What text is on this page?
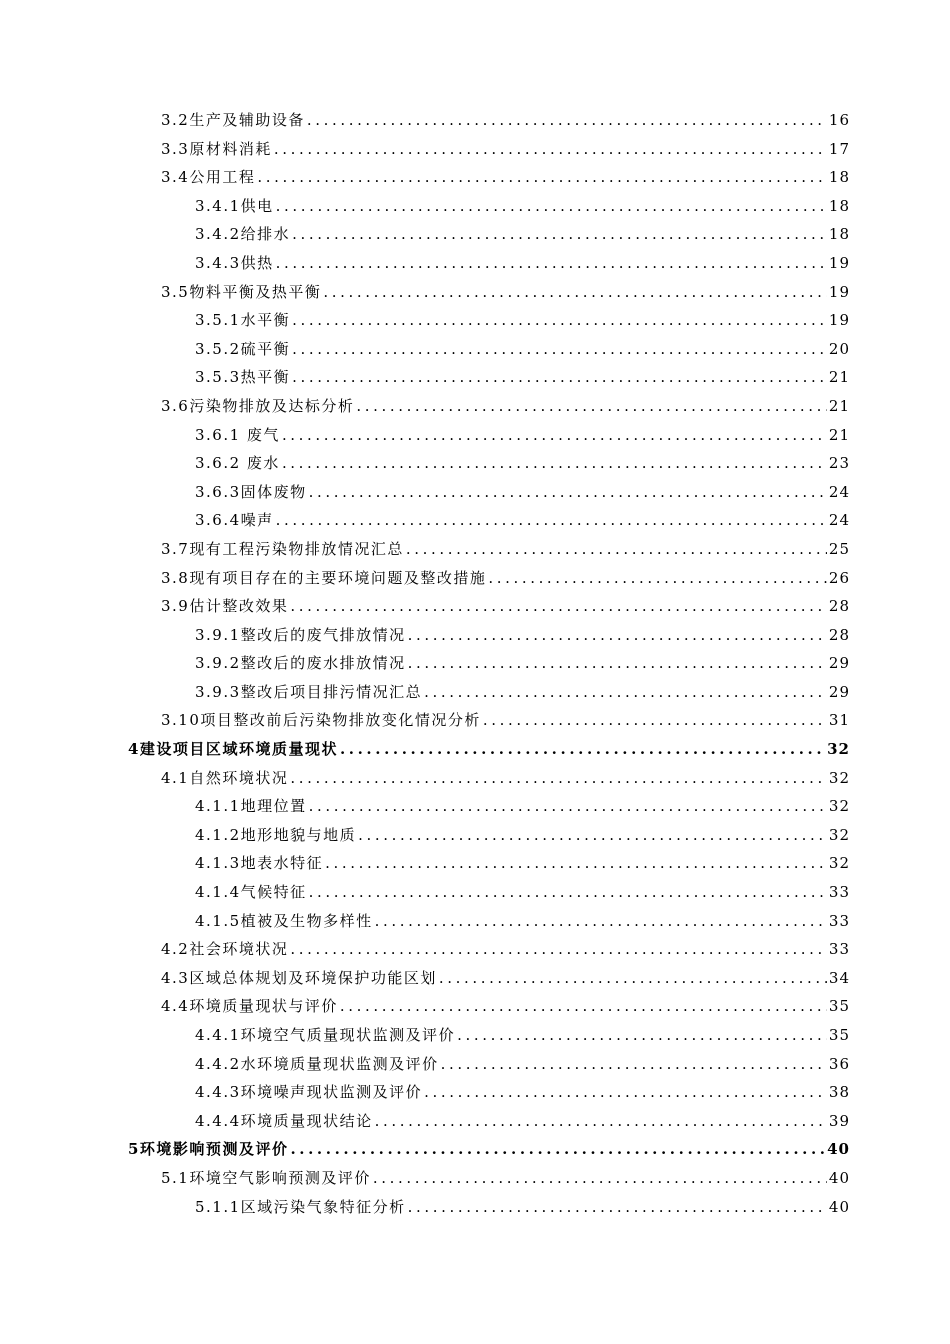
3.2生产及辅助设备 .....	16
3.3原材料消耗 .....	17
3.4公用工程 .....	18
3.4.1供电 .....	18
3.4.2给排水 .....	18
3.4.3供热 .....	19
3.5物料平衡及热平衡 .....	19
3.5.1水平衡 .....	19
3.5.2硫平衡 .....	20
3.5.3热平衡 .....	21
3.6污染物排放及达标分析 .....	21
3.6.1 废气 .....	21
3.6.2 废水 .....	23
3.6.3固体废物 .....	24
3.6.4噪声 .....	24
3.7现有工程污染物排放情况汇总 .....	25
3.8现有项目存在的主要环境问题及整改措施 .....	26
3.9估计整改效果 .....	28
3.9.1整改后的废气排放情况 .....	28
3.9.2整改后的废水排放情况 .....	29
3.9.3整改后项目排污情况汇总 .....	29
3.10项目整改前后污染物排放变化情况分析 .....	31
4建设项目区域环境质量现状 .....	32
4.1自然环境状况 .....	32
4.1.1地理位置 .....	32
4.1.2地形地貌与地质 .....	32
4.1.3地表水特征 .....	32
4.1.4气候特征 .....	33
4.1.5植被及生物多样性 .....	33
4.2社会环境状况 .....	33
4.3区域总体规划及环境保护功能区划 .....	34
4.4环境质量现状与评价 .....	35
4.4.1环境空气质量现状监测及评价 .....	35
4.4.2水环境质量现状监测及评价 .....	36
4.4.3环境噪声现状监测及评价 .....	38
4.4.4环境质量现状结论 .....	39
5环境影响预测及评价 .....	40
5.1环境空气影响预测及评价 .....	40
5.1.1区域污染气象特征分析 .....	40
